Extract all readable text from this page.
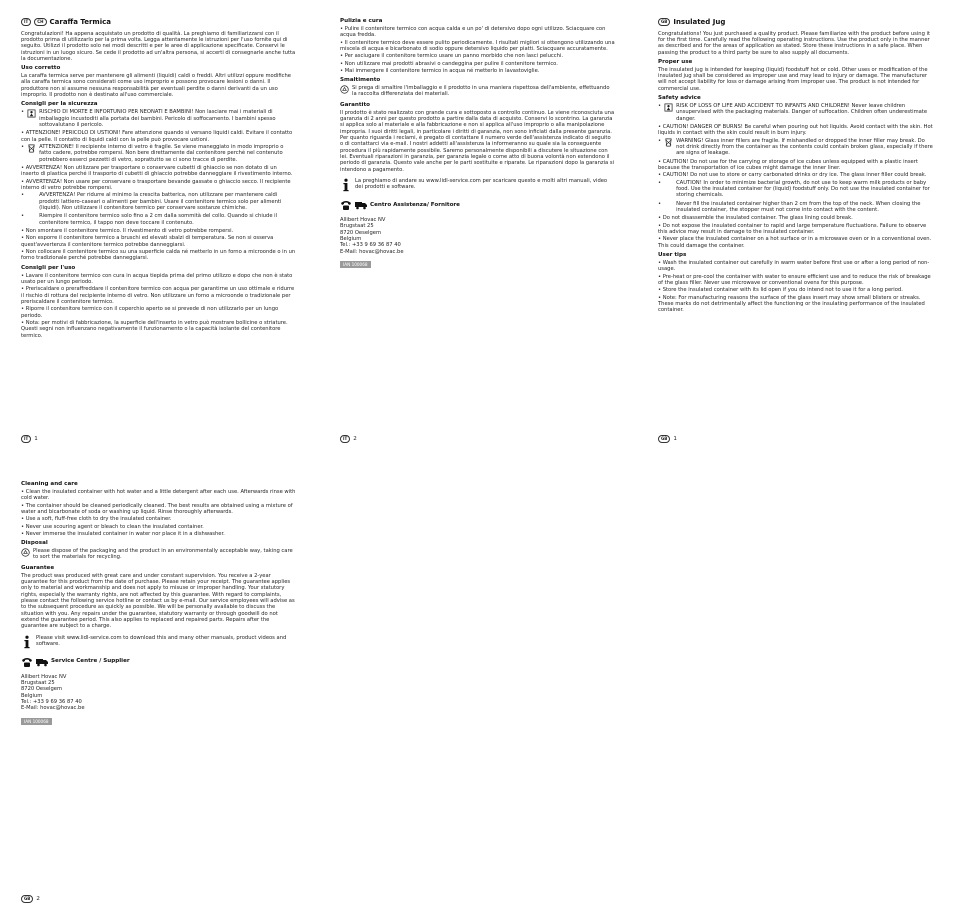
IT	CH Caraffa Termica

Congratulazioni! Ha appena acquistato un prodotto di qualità. La preghiamo di familiarizzarsi con il prodotto prima di utilizzarlo per la prima volta. Legga attentamente le istruzioni per l'uso fornite qui di seguito. Utilizzi il prodotto solo nei modi descritti e per le aree di applicazione specificate. Conservi le istruzioni in un luogo sicuro. Se cede il prodotto ad un'altra persona, si accerti di consegnarle anche tutta la documentazione.

Uso corretto

La caraffa termica serve per mantenere gli alimenti (liquidi) caldi o freddi. Altri utilizzi oppure modifiche alla caraffa termica sono considerati come uso improprio e possono provocare lesioni o danni. Il produttore non si assume nessuna responsabilità per eventuali perdite o danni derivanti da un uso improprio. Il prodotto non è destinato all'uso commerciale.

Consigli per la sicurezza
•	RISCHIO DI MORTE E INFORTUNIO PER NEONATI E BAMBINI! Non lasciare mai i materiali di imballaggio incustoditi alla portata dei bambini. Pericolo di soffocamento. I bambini spesso sottovalutano il pericolo.

• ATTENZIONE! PERICOLO DI USTIONI! Fare attenzione quando si versano liquidi caldi. Evitare il contatto con la pelle. Il contatto di liquidi caldi con la pelle può provocare ustioni.

•	ATTENZIONE! Il recipiente interno di vetro è fragile. Se viene maneggiato in modo improprio o fatto cadere, potrebbe rompersi. Non bere direttamente dal contenitore perché nel contenuto potrebbero esserci pezzetti di vetro, soprattutto se ci sono tracce di perdite.

• AVVERTENZA! Non utilizzare per trasportare o conservare cubetti di ghiaccio se non dotato di un inserto di plastica perché il trasporto di cubetti di ghiaccio potrebbe danneggiare il rivestimento interno.

• AVVERTENZA! Non usare per conservare o trasportare bevande gassate o ghiaccio secco. Il recipiente interno di vetro potrebbe rompersi.

•	AVVERTENZA! Per ridurre al minimo la crescita batterica, non utilizzare per mantenere caldi prodotti lattiero-caseari o alimenti per bambini. Usare il contenitore termico solo per alimenti (liquidi). Non utilizzare il contenitore termico per conservare sostanze chimiche.

•	Riempire il contenitore termico solo fino a 2 cm dalla sommità del collo. Quando si chiude il contenitore termico, il tappo non deve toccare il contenuto.

• Non smontare il contenitore termico. Il rivestimento di vetro potrebbe rompersi.

• Non esporre il contenitore termico a bruschi ed elevati sbalzi di temperatura. Se non si osserva quest'avvertenza il contenitore termico potrebbe danneggiarsi.

• Non collocare il contenitore termico su una superficie calda né metterlo in un forno a microonde o in un forno tradizionale perché potrebbe danneggiarsi.

Consigli per l'uso

• Lavare il contenitore termico con cura in acqua tiepida prima del primo utilizzo e dopo che non è stato usato per un lungo periodo.

• Preriscaldare o preraffreddare il contenitore termico con acqua per garantirne un uso ottimale e ridurre il rischio di rottura del recipiente interno di vetro. Non utilizzare un forno a microonde o tradizionale per preriscaldare il contenitore termico.

• Riporre il contenitore termico con il coperchio aperto se si prevede di non utilizzarlo per un lungo periodo.

• Nota: per motivi di fabbricazione, la superficie dell'inserto in vetro può mostrare bollicine o striature. Questi segni non influenzano negativamente il funzionamento o la capacità isolante del contenitore termico.

IT	1
Pulizia e cura

• Pulire il contenitore termico con acqua calda e un po' di detersivo dopo ogni utilizzo. Sciacquare con acqua fredda.

• Il contenitore termico deve essere pulito periodicamente. I risultati migliori si ottengono utilizzando una miscela di acqua e bicarbonato di sodio oppure detersivo liquido per piatti. Sciacquare accuratamente.

• Per asciugare il contenitore termico usare un panno morbido che non lasci pelucchi.

• Non utilizzare mai prodotti abrasivi o candeggina per pulire il contenitore termico.

• Mai immergere il contenitore termico in acqua né metterlo in lavastoviglie.

Smaltimento

Si prega di smaltire l'imballaggio e il prodotto in una maniera rispettosa dell'ambiente, effettuando la raccolta differenziata dei materiali.

Garantito

Il prodotto è stato realizzato con grande cura e sottoposto a controllo continuo. Le viene riconosciuta una garanzia di 2 anni per questo prodotto a partire dalla data di acquisto. Conservi lo scontrino. La garanzia si applica solo al materiale e alla fabbricazione e non si applica all'uso improprio o alla manipolazione impropria. I suoi diritti legali, in particolare i diritti di garanzia, non sono inficiati dalla presente garanzia. Per quanto riguarda i reclami, è pregato di contattare il numero verde dell'assistenza indicato di seguito o di contattarci via e-mail. I nostri addetti all'assistenza la informeranno su quale sia la conseguente procedura il più rapidamente possibile. Saremo personalmente disponibili a discutere le situazione con lei. Eventuali riparazioni in garanzia, per garanzia legale o come atto di buona volontà non estendono il periodo di garanzia. Questo vale anche per le parti sostituite e riparate. Le riparazioni dopo la garanzia si intendono a pagamento.

La preghiamo di andare su www.lidl-service.com per scaricare questo e molti altri manuali, video dei prodotti e software.

Centro Assistenza/ Fornitore

Allibert Hovac NV

Brugstaat 25

8720 Oeselgem

Belgium

Tel.: +33 9 69 36 87 40

E-Mail: hovac@hovac.be

IAN 100068
IT	2
GB Insulated Jug

Congratulations! You just purchased a quality product. Please familiarize with the product before using it for the first time. Carefully read the following operating instructions. Use the product only in the manner as described and for the areas of application as stated. Store these instructions in a safe place. When passing the product to a third party be sure to also supply all documents.

Proper use

The insulated jug is intended for keeping (liquid) foodstuff hot or cold. Other uses or modification of the insulated jug shall be considered as improper use and may lead to injury or damage. The manufacturer will not accept liability for loss or damage arising from improper use. The product is not intended for commercial use.

Safety advice
•	RISK OF LOSS OF LIFE AND ACCIDENT TO INFANTS AND CHILDREN! Never leave children unsupervised with the packaging materials. Danger of suffocation. Children often underestimate danger.

• CAUTION! DANGER OF BURNS! Be careful when pouring out hot liquids. Avoid contact with the skin. Hot liquids in contact with the skin could result in burn injury.

•	WARNING! Glass inner fillers are fragile. If mishandled or dropped the inner filler may break. Do not drink directly from the container as the contents could contain broken glass, especially if there are signs of leakage.

• CAUTION! Do not use for the carrying or storage of ice cubes unless equipped with a plastic insert because the transportation of ice cubes might damage the inner liner.

• CAUTION! Do not use to store or carry carbonated drinks or dry ice. The glass inner filler could break.

•	CAUTION! In order to minimize bacterial growth, do not use to keep warm milk products or baby food. Use the insulated container for (liquid) foodstuff only. Do not use the insulated container for storing chemicals.

•	Never fill the insulated container higher than 2 cm from the top of the neck. When closing the insulated container, the stopper must not come into contact with the content.

• Do not disassemble the insulated container. The glass lining could break.

• Do not expose the insulated container to rapid and large temperature fluctuations. Failure to observe this advice may result in damage to the insulated container.

• Never place the insulated container on a hot surface or in a microwave oven or in a conventional oven. This could damage the container.

User tips

• Wash the insulated container out carefully in warm water before first use or after a long period of non-usage.

• Pre-heat or pre-cool the container with water to ensure efficient use and to reduce the risk of breakage of the glass filler. Never use microwave or conventional ovens for this purpose.

• Store the insulated container with its lid open if you do intend not to use it for a long period.

• Note: For manufacturing reasons the surface of the glass insert may show small blisters or streaks. These marks do not detrimentally affect the functioning or the insulating performance of the insulated container.

GB	1
Cleaning and care

• Clean the insulated container with hot water and a little detergent after each use. Afterwards rinse with cold water.

• The container should be cleaned periodically cleaned. The best results are obtained using a mixture of water and bicarbonate of soda or washing up liquid. Rinse thoroughly afterwards.

• Use a soft, fluff-free cloth to dry the insulated container.

• Never use scouring agent or bleach to clean the insulated container.

• Never immerse the insulated container in water nor place it in a dishwasher.

Disposal

Please dispose of the packaging and the product in an environmentally acceptable way, taking care to sort the materials for recycling.

Guarantee

The product was produced with great care and under constant supervision. You receive a 2-year guarantee for this product from the date of purchase. Please retain your receipt. The guarantee applies only to material and workmanship and does not apply to misuse or improper handling. Your statutory rights, especially the warranty rights, are not affected by this guarantee. With regard to complaints, please contact the following service hotline or contact us by e-mail. Our service employees will advise as to the subsequent procedure as quickly as possible. We will be personally available to discuss the situation with you. Any repairs under the guarantee, statutory warranty or through goodwill do not extend the guarantee period. This also applies to replaced and repaired parts. Repairs after the guarantee are subject to a charge.

Please visit www.lidl-service.com to download this and many other manuals, product videos and software.

Service Centre / Supplier

Allibert Hovac NV

Brugstaat 25

8720 Oeselgem

Belgium

Tel.: +33 9 69 36 87 40

E-Mail: hovac@hovac.be

IAN 100068
GB	2
